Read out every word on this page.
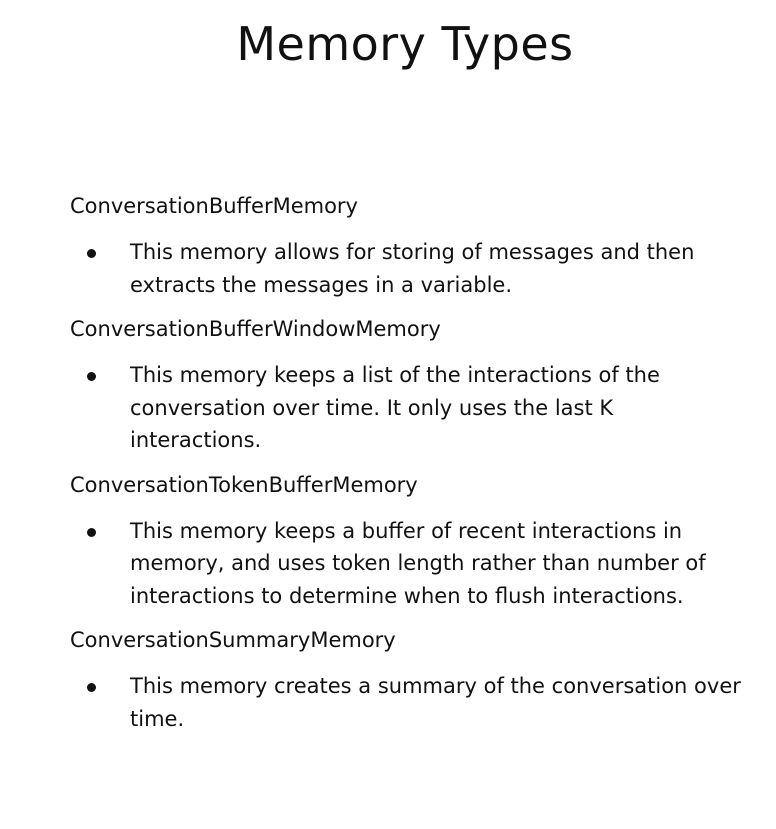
Memory Types

ConversationBufferMemory

This memory allows for storing of messages and then extracts the messages in a variable.

ConversationBufferWindowMemory

This memory keeps a list of the interactions of the conversation over time. It only uses the last K interactions.

ConversationTokenBufferMemory

This memory keeps a buffer of recent interactions in memory, and uses token length rather than number of interactions to determine when to flush interactions.

ConversationSummaryMemory

This memory creates a summary of the conversation over time.
